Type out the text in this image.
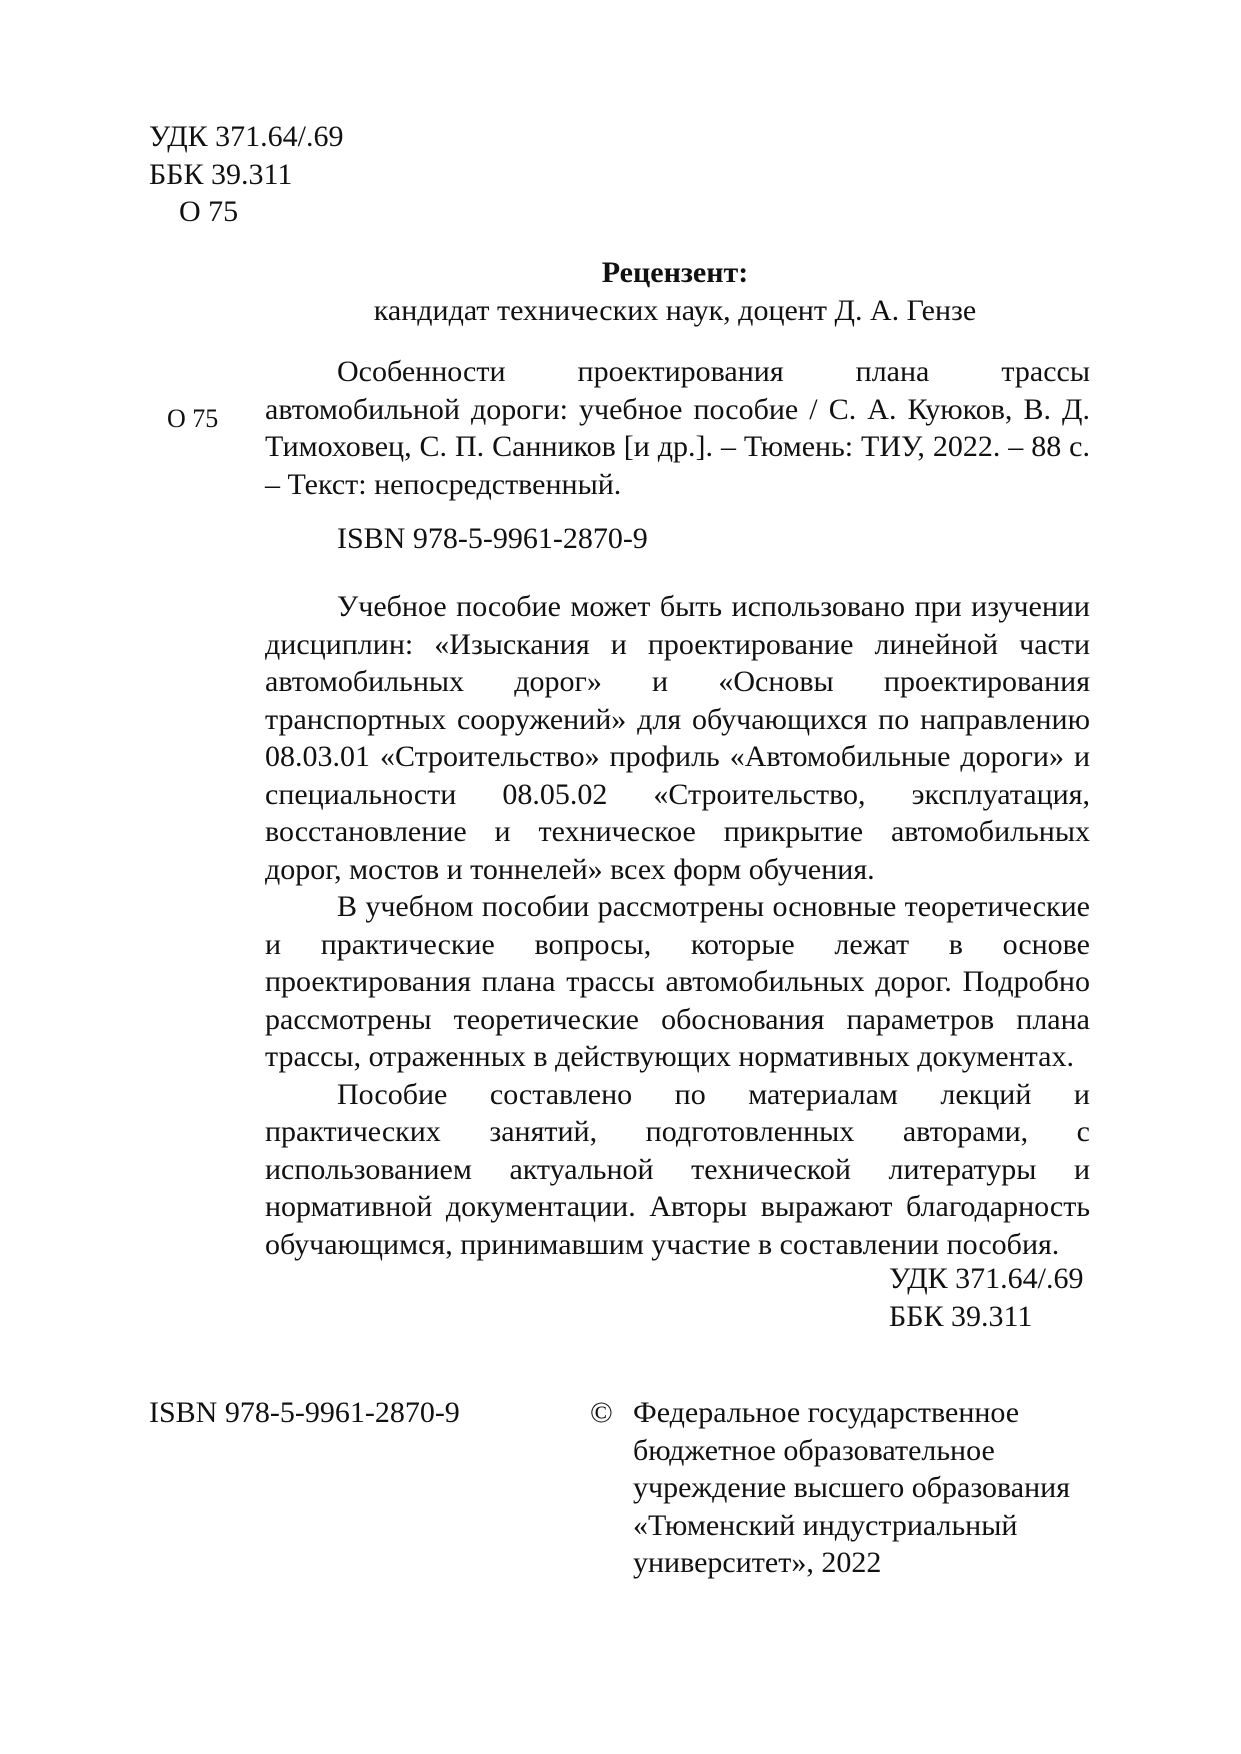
УДК 371.64/.69
ББК 39.311
О 75
Рецензент:
кандидат технических наук, доцент Д. А. Гензе
О 75

Особенности проектирования плана трассы автомобильной дороги: учебное пособие / С. А. Куюков, В. Д. Тимоховец, С. П. Санников [и др.]. – Тюмень: ТИУ, 2022. – 88 с. – Текст: непосредственный.

ISBN 978-5-9961-2870-9

Учебное пособие может быть использовано при изучении дисциплин: «Изыскания и проектирование линейной части автомобильных дорог» и «Основы проектирования транспортных сооружений» для обучающихся по направлению 08.03.01 «Строительство» профиль «Автомобильные дороги» и специальности 08.05.02 «Строительство, эксплуатация, восстановление и техническое прикрытие автомобильных дорог, мостов и тоннелей» всех форм обучения.

В учебном пособии рассмотрены основные теоретические и практические вопросы, которые лежат в основе проектирования плана трассы автомобильных дорог. Подробно рассмотрены теоретические обоснования параметров плана трассы, отраженных в действующих нормативных документах.

Пособие составлено по материалам лекций и практических занятий, подготовленных авторами, с использованием актуальной технической литературы и нормативной документации. Авторы выражают благодарность обучающимся, принимавшим участие в составлении пособия.

УДК 371.64/.69
ББК 39.311
ISBN 978-5-9961-2870-9	© Федеральное государственное
бюджетное образовательное
учреждение высшего образования
«Тюменский индустриальный
университет», 2022
